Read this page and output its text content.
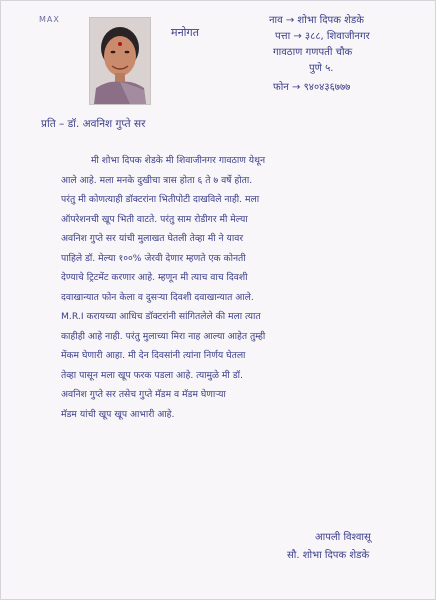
MAX
मनोगत
नाव → शोभा दिपक शेडके
पत्ता → ३८८, शिवाजीनगर
गावठाण गणपती चौक
पुणे ५.
फोन → ९४०४३६७७७
प्रति – डॉ. अवनिश गुप्ते सर
मी शोभा दिपक शेडके मी शिवाजीनगर गावठाण येथून
आले आहे. मला मनके दुखीचा त्रास होता ६ ते ७ वर्षे होता.
परंतु मी कोणत्याही डॉक्टरांना भितीपोटी दाखविले नाही. मला
ऑपरेशनची खूप भिती वाटते. परंतु साम रोडीगर मी मेल्या
अवनिश गुप्ते सर यांची मुलाखत घेतली तेव्हा मी ने यावर
पाहिले डॉ. मेल्या १००% जेरवी देणार म्हणते एक कोनती
देण्याचे ट्रिटमेंट करणार आहे. म्हणून मी त्याच वाच दिवशी
दवाखान्यात फोन केला व दुसऱ्या दिवशी दवाखान्यात आले.
M.R.I करायच्या आधिच डॉक्टरांनी सांगितलेले की मला त्यात
काहीही आहे नाही. परंतु मुलाच्या मिरा नाह आल्या आहेत तुम्ही
मेंकम घेणारी आहा. मी देन दिवसांनी त्यांना निर्णय घेतला
तेव्हा पासून मला खूप फरक पडला आहे. त्यामुळे मी डॉ.
अवनिश गुप्ते सर तसेच गुप्ते मॅडम व मॅडम घेणाऱ्या
मॅडम यांची खूप खूप आभारी आहे.
आपली विश्वासू
सौ. शोभा दिपक शेडके
